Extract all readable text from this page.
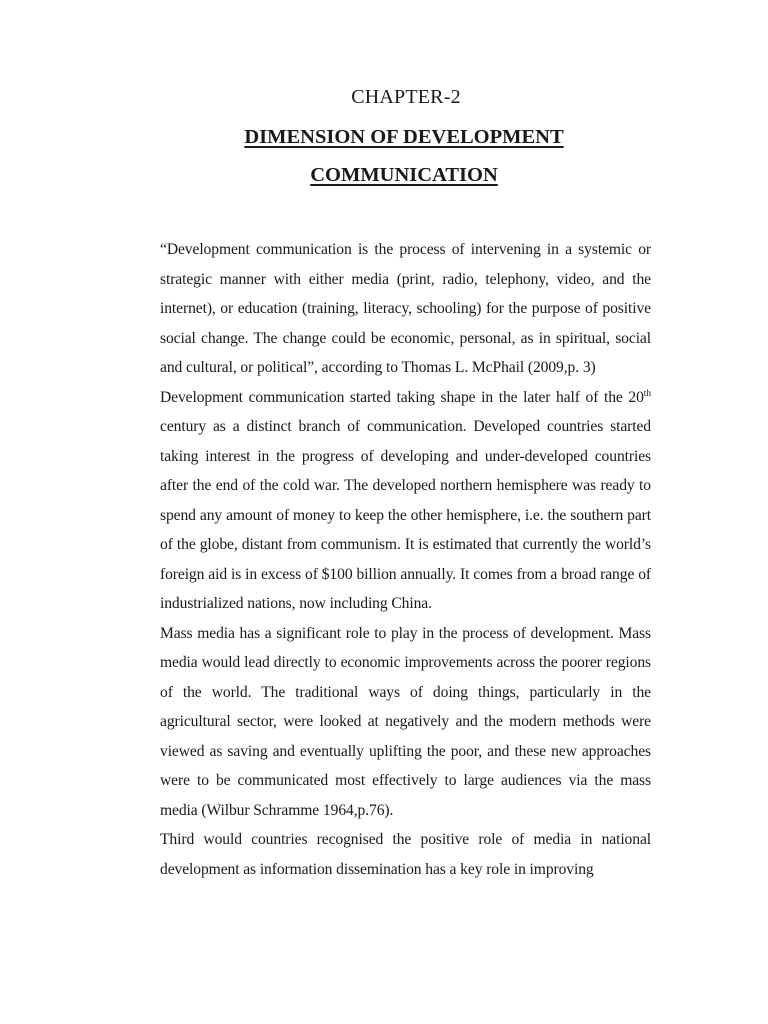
CHAPTER-2
DIMENSION OF DEVELOPMENT
COMMUNICATION

“Development communication is the process of intervening in a systemic or strategic manner with either media (print, radio, telephony, video, and the internet), or education (training, literacy, schooling) for the purpose of positive social change. The change could be economic, personal, as in spiritual, social and cultural, or political”, according to Thomas L. McPhail (2009,p. 3)

Development communication started taking shape in the later half of the 20th century as a distinct branch of communication. Developed countries started taking interest in the progress of developing and under-developed countries after the end of the cold war. The developed northern hemisphere was ready to spend any amount of money to keep the other hemisphere, i.e. the southern part of the globe, distant from communism. It is estimated that currently the world’s foreign aid is in excess of $100 billion annually. It comes from a broad range of industrialized nations, now including China.

Mass media has a significant role to play in the process of development. Mass media would lead directly to economic improvements across the poorer regions of the world. The traditional ways of doing things, particularly in the agricultural sector, were looked at negatively and the modern methods were viewed as saving and eventually uplifting the poor, and these new approaches were to be communicated most effectively to large audiences via the mass media (Wilbur Schramme 1964,p.76).

Third would countries recognised the positive role of media in national development as information dissemination has a key role in improving
